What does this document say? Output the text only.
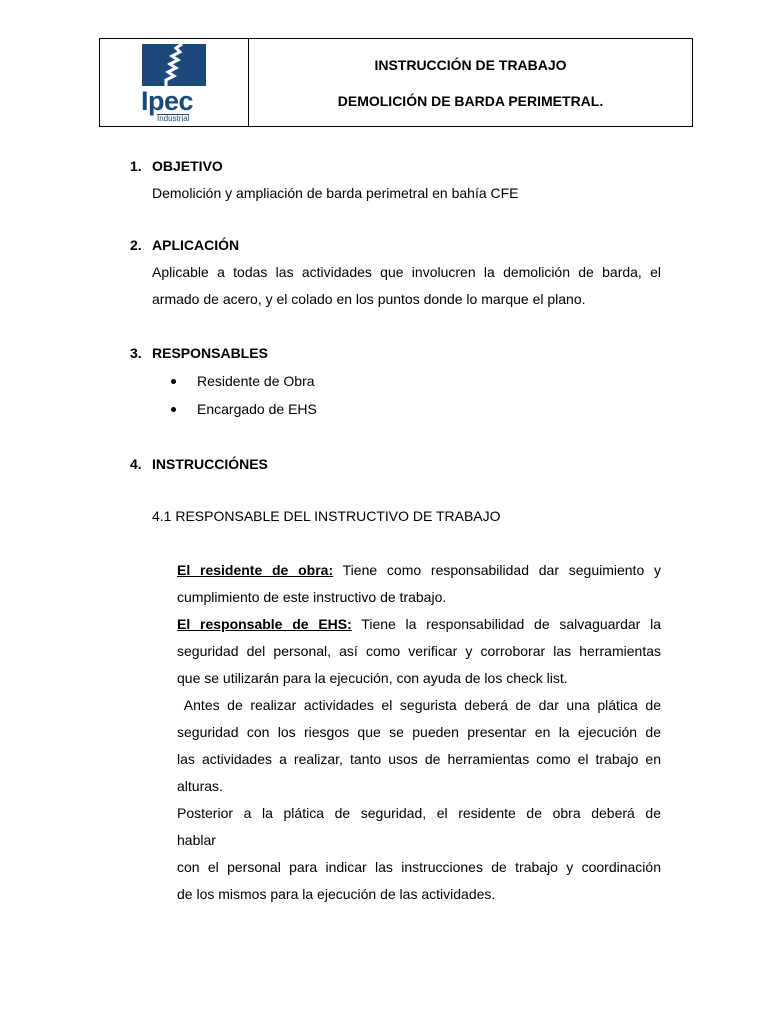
Ipec
Industrial
INSTRUCCIÓN DE TRABAJO
DEMOLICIÓN DE BARDA PERIMETRAL.
1. OBJETIVO
Demolición y ampliación de barda perimetral en bahía CFE
2. APLICACIÓN
Aplicable a todas las actividades que involucren la demolición de barda, el
armado de acero, y el colado en los puntos donde lo marque el plano.
3. RESPONSABLES
Residente de Obra
Encargado de EHS
4. INSTRUCCIÓNES
4.1 RESPONSABLE DEL INSTRUCTIVO DE TRABAJO
El residente de obra: Tiene como responsabilidad dar seguimiento y
cumplimiento de este instructivo de trabajo.
El responsable de EHS: Tiene la responsabilidad de salvaguardar la
seguridad del personal, así como verificar y corroborar las herramientas
que se utilizarán para la ejecución, con ayuda de los check list.
Antes de realizar actividades el segurista deberá de dar una plática de
seguridad con los riesgos que se pueden presentar en la ejecución de
las actividades a realizar, tanto usos de herramientas como el trabajo en
alturas.
Posterior a la plática de seguridad, el residente de obra deberá de
hablar
con el personal para indicar las instrucciones de trabajo y coordinación
de los mismos para la ejecución de las actividades.
